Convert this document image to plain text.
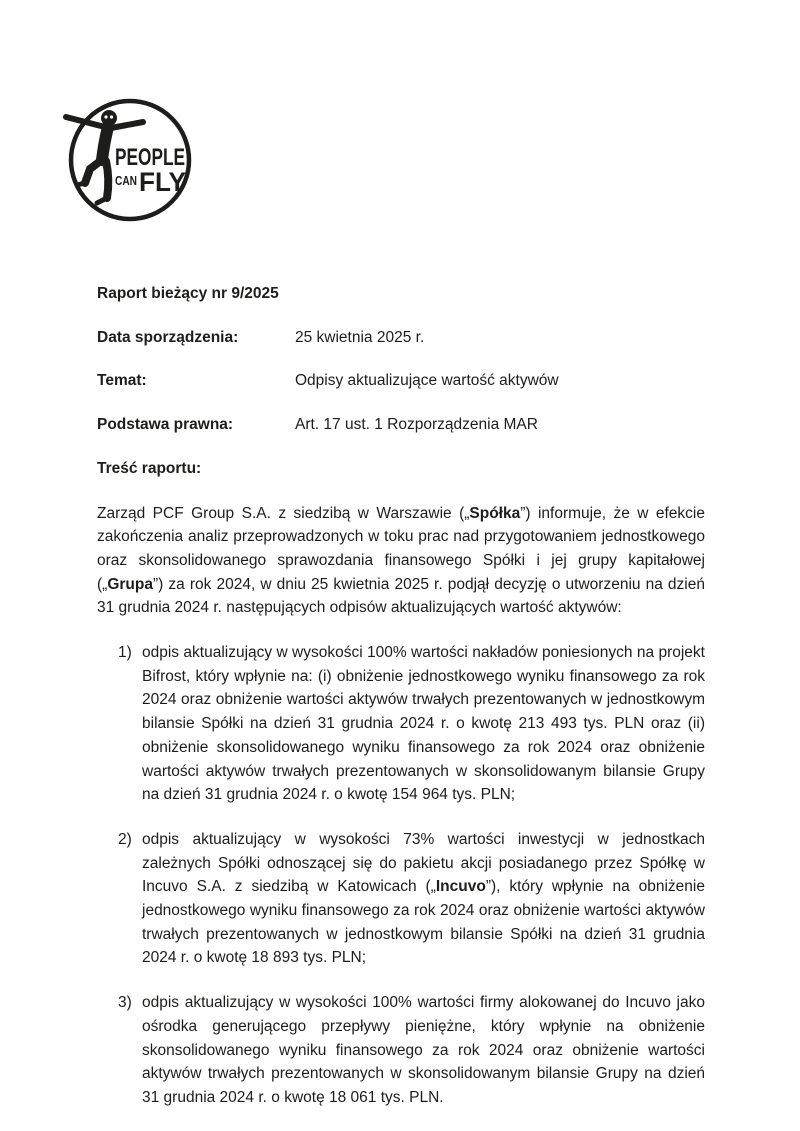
PEOPLE
CAN FLY
Raport bieżący nr 9/2025
Data sporządzenia:	25 kwietnia 2025 r.
Temat:	Odpisy aktualizujące wartość aktywów
Podstawa prawna:	Art. 17 ust. 1 Rozporządzenia MAR
Treść raportu:

Zarząd PCF Group S.A. z siedzibą w Warszawie („Spółka”) informuje, że w efekcie zakończenia analiz przeprowadzonych w toku prac nad przygotowaniem jednostkowego oraz skonsolidowanego sprawozdania finansowego Spółki i jej grupy kapitałowej („Grupa”) za rok 2024, w dniu 25 kwietnia 2025 r. podjął decyzję o utworzeniu na dzień 31 grudnia 2024 r. następujących odpisów aktualizujących wartość aktywów:

1) odpis aktualizujący w wysokości 100% wartości nakładów poniesionych na projekt Bifrost, który wpłynie na: (i) obniżenie jednostkowego wyniku finansowego za rok 2024 oraz obniżenie wartości aktywów trwałych prezentowanych w jednostkowym bilansie Spółki na dzień 31 grudnia 2024 r. o kwotę 213 493 tys. PLN oraz (ii) obniżenie skonsolidowanego wyniku finansowego za rok 2024 oraz obniżenie wartości aktywów trwałych prezentowanych w skonsolidowanym bilansie Grupy na dzień 31 grudnia 2024 r. o kwotę 154 964 tys. PLN;

2) odpis aktualizujący w wysokości 73% wartości inwestycji w jednostkach zależnych Spółki odnoszącej się do pakietu akcji posiadanego przez Spółkę w Incuvo S.A. z siedzibą w Katowicach („Incuvo”), który wpłynie na obniżenie jednostkowego wyniku finansowego za rok 2024 oraz obniżenie wartości aktywów trwałych prezentowanych w jednostkowym bilansie Spółki na dzień 31 grudnia 2024 r. o kwotę 18 893 tys. PLN;

3) odpis aktualizujący w wysokości 100% wartości firmy alokowanej do Incuvo jako ośrodka generującego przepływy pieniężne, który wpłynie na obniżenie skonsolidowanego wyniku finansowego za rok 2024 oraz obniżenie wartości aktywów trwałych prezentowanych w skonsolidowanym bilansie Grupy na dzień 31 grudnia 2024 r. o kwotę 18 061 tys. PLN.
